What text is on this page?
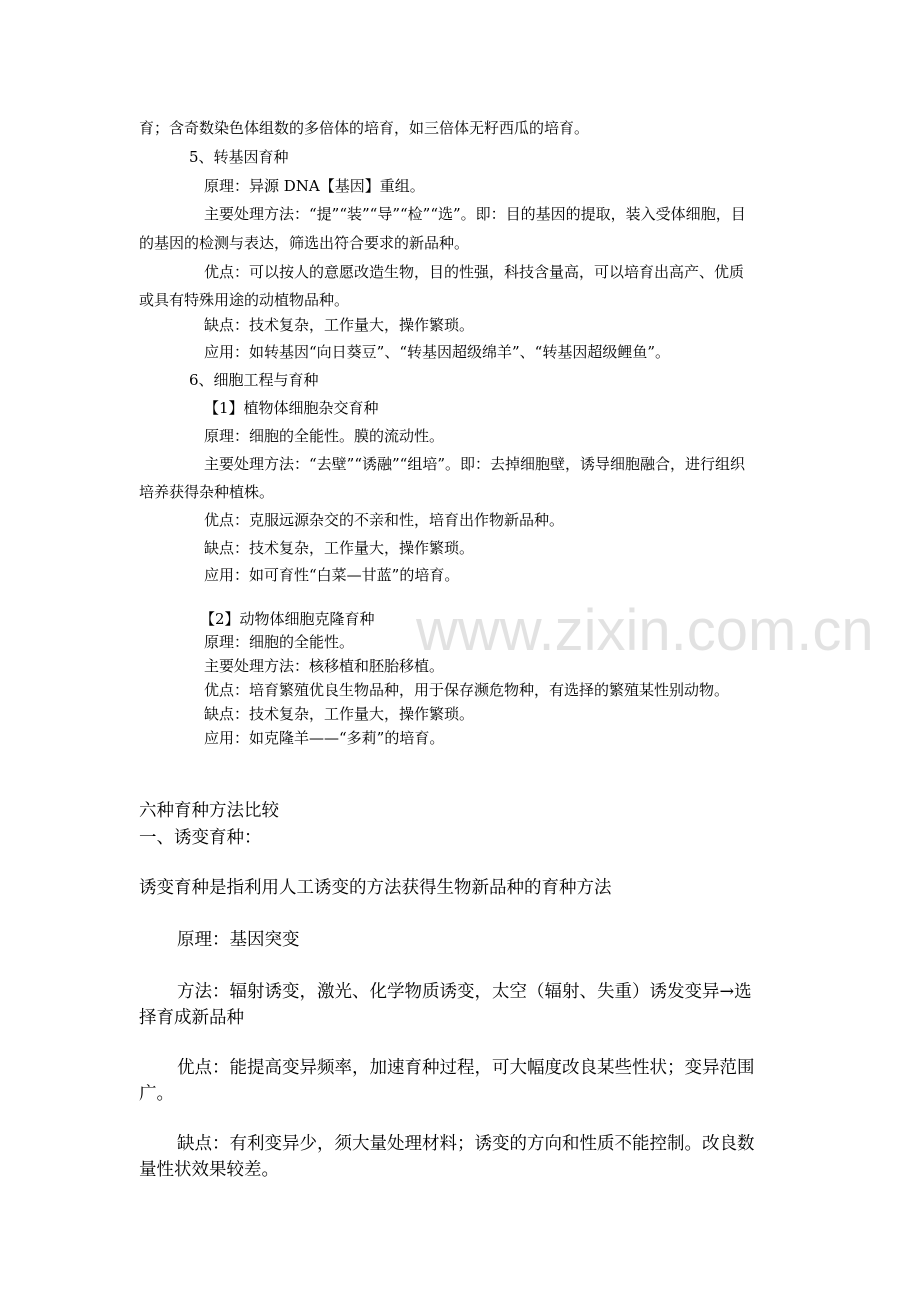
www.zixin.com.cn
育；含奇数染色体组数的多倍体的培育，如三倍体无籽西瓜的培育。
5、转基因育种
原理：异源 DNA【基因】重组。
主要处理方法：“提”“装”“导”“检”“选”。即：目的基因的提取，装入受体细胞，目
的基因的检测与表达，筛选出符合要求的新品种。
优点：可以按人的意愿改造生物，目的性强，科技含量高，可以培育出高产、优质
或具有特殊用途的动植物品种。
缺点：技术复杂，工作量大，操作繁琐。
应用：如转基因“向日葵豆”、“转基因超级绵羊”、“转基因超级鲤鱼”。
6、细胞工程与育种
【1】植物体细胞杂交育种
原理：细胞的全能性。膜的流动性。
主要处理方法：“去壁”“诱融”“组培”。即：去掉细胞壁，诱导细胞融合，进行组织
培养获得杂种植株。
优点：克服远源杂交的不亲和性，培育出作物新品种。
缺点：技术复杂，工作量大，操作繁琐。
应用：如可育性“白菜—甘蓝”的培育。
【2】动物体细胞克隆育种
原理：细胞的全能性。
主要处理方法：核移植和胚胎移植。
优点：培育繁殖优良生物品种，用于保存濒危物种，有选择的繁殖某性别动物。
缺点：技术复杂，工作量大，操作繁琐。
应用：如克隆羊——“多莉”的培育。
六种育种方法比较
一、诱变育种：
诱变育种是指利用人工诱变的方法获得生物新品种的育种方法
原理：基因突变
方法：辐射诱变，激光、化学物质诱变，太空（辐射、失重）诱发变异→选
择育成新品种
优点：能提高变异频率，加速育种过程，可大幅度改良某些性状；变异范围
广。
缺点：有利变异少，须大量处理材料；诱变的方向和性质不能控制。改良数
量性状效果较差。
